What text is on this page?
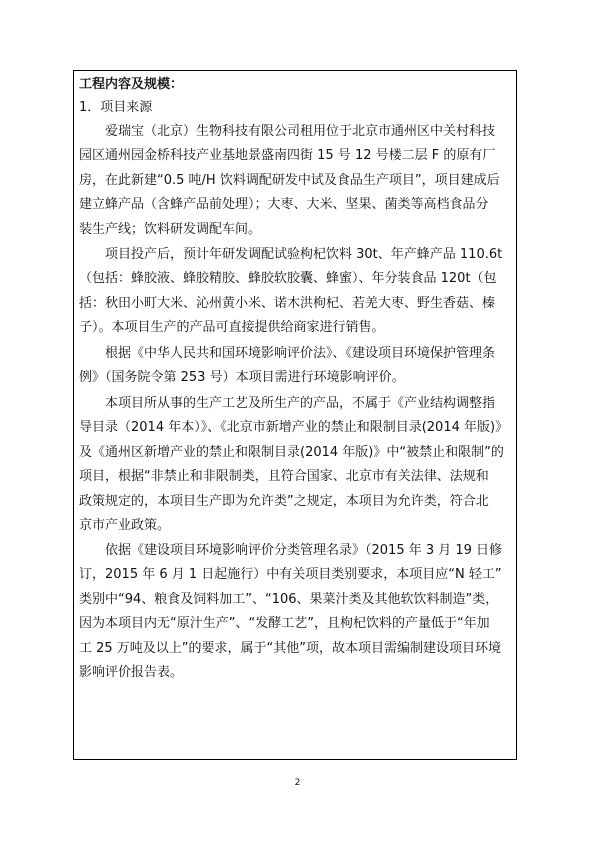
工程内容及规模：
1．项目来源
爱瑞宝（北京）生物科技有限公司租用位于北京市通州区中关村科技
园区通州园金桥科技产业基地景盛南四街 15 号 12 号楼二层 F 的原有厂
房，在此新建“0.5 吨/H 饮料调配研发中试及食品生产项目”，项目建成后
建立蜂产品（含蜂产品前处理）；大枣、大米、坚果、菌类等高档食品分
装生产线；饮料研发调配车间。
项目投产后，预计年研发调配试验枸杞饮料 30t、年产蜂产品 110.6t
（包括：蜂胶液、蜂胶精胶、蜂胶软胶囊、蜂蜜）、年分装食品 120t（包
括：秋田小町大米、沁州黄小米、诺木洪枸杞、若羌大枣、野生香菇、榛
子）。本项目生产的产品可直接提供给商家进行销售。
根据《中华人民共和国环境影响评价法》、《建设项目环境保护管理条
例》（国务院令第 253 号）本项目需进行环境影响评价。
本项目所从事的生产工艺及所生产的产品，不属于《产业结构调整指
导目录（2014 年本）》、《北京市新增产业的禁止和限制目录(2014 年版)》
及《通州区新增产业的禁止和限制目录(2014 年版)》中“被禁止和限制”的
项目，根据“非禁止和非限制类，且符合国家、北京市有关法律、法规和
政策规定的，本项目生产即为允许类”之规定，本项目为允许类，符合北
京市产业政策。
依据《建设项目环境影响评价分类管理名录》（2015 年 3 月 19 日修
订，2015 年 6 月 1 日起施行）中有关项目类别要求，本项目应“N 轻工”
类别中“94、粮食及饲料加工”、“106、果菜汁类及其他软饮料制造”类，
因为本项目内无“原汁生产”、“发酵工艺”，且枸杞饮料的产量低于“年加
工 25 万吨及以上”的要求，属于“其他”项，故本项目需编制建设项目环境
影响评价报告表。
2
